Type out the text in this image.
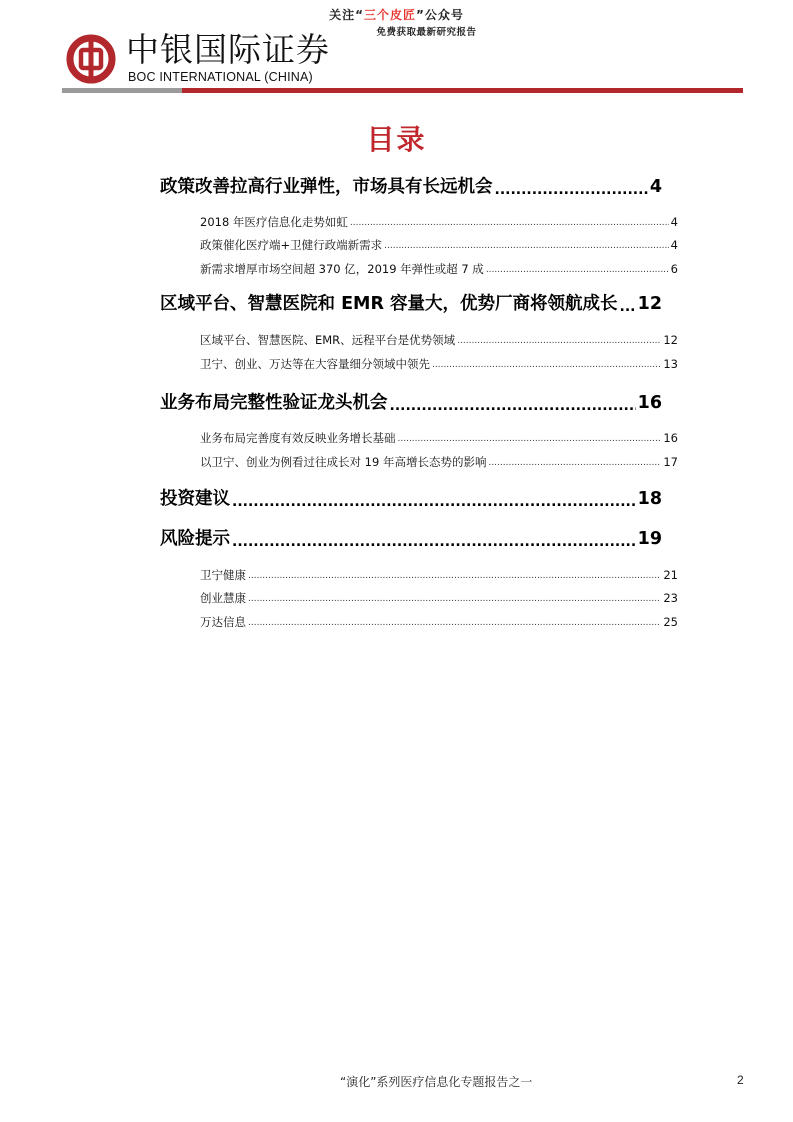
关注“三个皮匠”公众号
免费获取最新研究报告
中银国际证券
BOC INTERNATIONAL (CHINA)
目录
政策改善拉高行业弹性，市场具有长远机会 .....	4
2018 年医疗信息化走势如虹 .....	4
政策催化医疗端+卫健行政端新需求 .....	4
新需求增厚市场空间超 370 亿，2019 年弹性或超 7 成 .....	6
区域平台、智慧医院和 EMR 容量大，优势厂商将领航成长 ..... 12
区域平台、智慧医院、EMR、远程平台是优势领域 .....	12
卫宁、创业、万达等在大容量细分领域中领先 .....	13
业务布局完整性验证龙头机会 .....	16
业务布局完善度有效反映业务增长基础 .....	16
以卫宁、创业为例看过往成长对 19 年高增长态势的影响 .....	17
投资建议 .....	18
风险提示 .....	19
卫宁健康 .....	21
创业慧康 .....	23
万达信息 .....	25
“演化”系列医疗信息化专题报告之一	2
